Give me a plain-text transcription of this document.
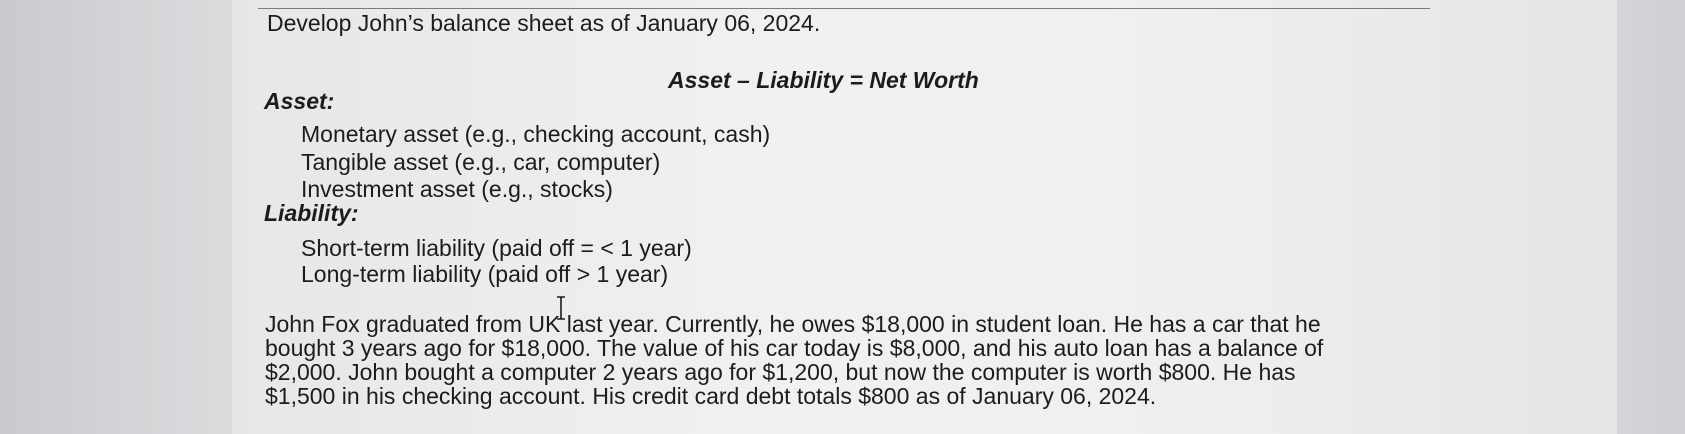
Develop John’s balance sheet as of January 06, 2024.
Asset – Liability = Net Worth
Asset:
Monetary asset (e.g., checking account, cash)
Tangible asset (e.g., car, computer)
Investment asset (e.g., stocks)
Liability:
Short-term liability (paid off = < 1 year)
Long-term liability (paid off > 1 year)
John Fox graduated from UK last year. Currently, he owes $18,000 in student loan. He has a car that he
bought 3 years ago for $18,000. The value of his car today is $8,000, and his auto loan has a balance of
$2,000. John bought a computer 2 years ago for $1,200, but now the computer is worth $800. He has
$1,500 in his checking account. His credit card debt totals $800 as of January 06, 2024.
